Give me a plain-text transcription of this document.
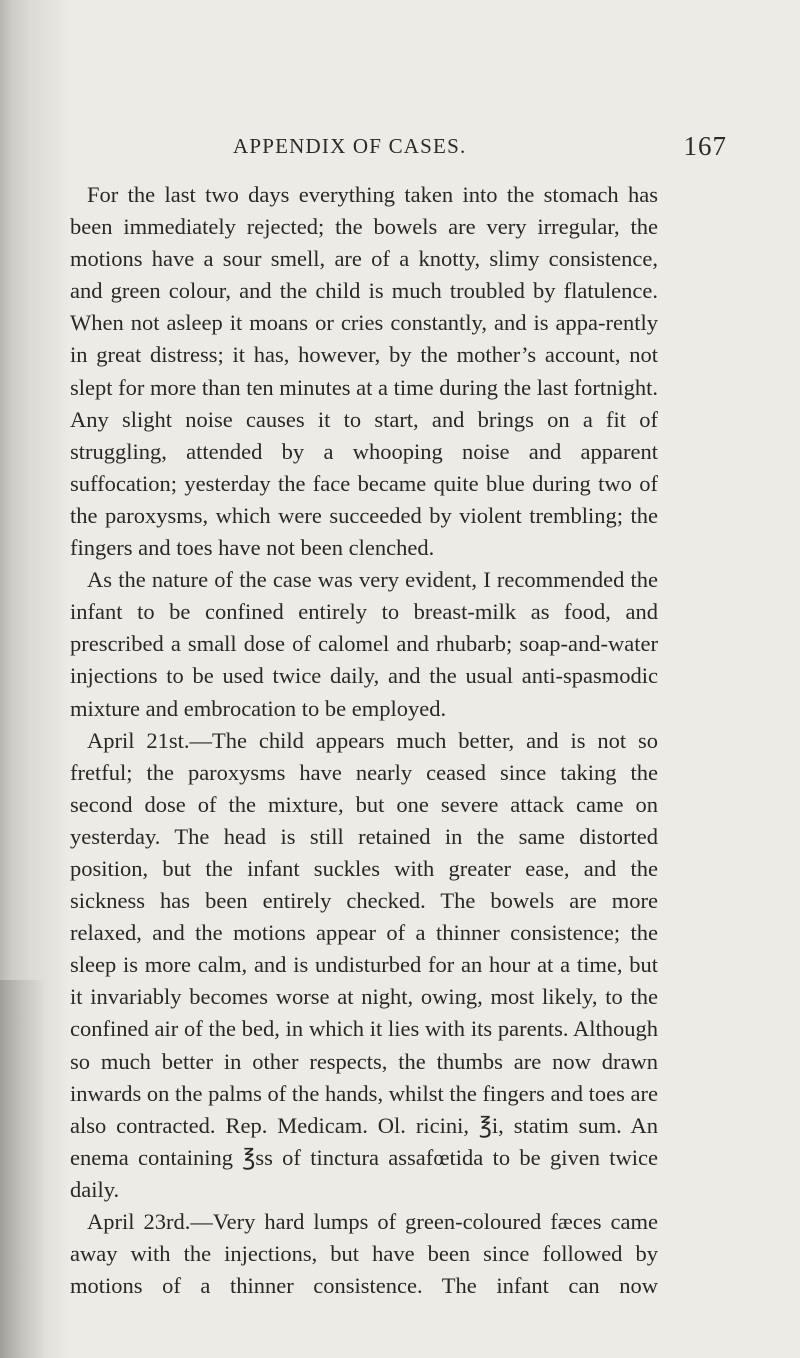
APPENDIX OF CASES.	167

For the last two days everything taken into the stomach has been immediately rejected; the bowels are very irregular, the motions have a sour smell, are of a knotty, slimy consistence, and green colour, and the child is much troubled by flatulence. When not asleep it moans or cries constantly, and is appa-rently in great distress; it has, however, by the mother’s account, not slept for more than ten minutes at a time during the last fortnight. Any slight noise causes it to start, and brings on a fit of struggling, attended by a whooping noise and apparent suffocation; yesterday the face became quite blue during two of the paroxysms, which were succeeded by violent trembling; the fingers and toes have not been clenched.

As the nature of the case was very evident, I recommended the infant to be confined entirely to breast-milk as food, and prescribed a small dose of calomel and rhubarb; soap-and-water injections to be used twice daily, and the usual anti-spasmodic mixture and embrocation to be employed.

April 21st.—The child appears much better, and is not so fretful; the paroxysms have nearly ceased since taking the second dose of the mixture, but one severe attack came on yesterday. The head is still retained in the same distorted position, but the infant suckles with greater ease, and the sickness has been entirely checked. The bowels are more relaxed, and the motions appear of a thinner consistence; the sleep is more calm, and is undisturbed for an hour at a time, but it invariably becomes worse at night, owing, most likely, to the confined air of the bed, in which it lies with its parents. Although so much better in other respects, the thumbs are now drawn inwards on the palms of the hands, whilst the fingers and toes are also contracted. Rep. Medicam. Ol. ricini, ℥i, statim sum. An enema containing ℥ss of tinctura assafœtida to be given twice daily.

April 23rd.—Very hard lumps of green-coloured fæces came away with the injections, but have been since followed by motions of a thinner consistence. The infant can now
